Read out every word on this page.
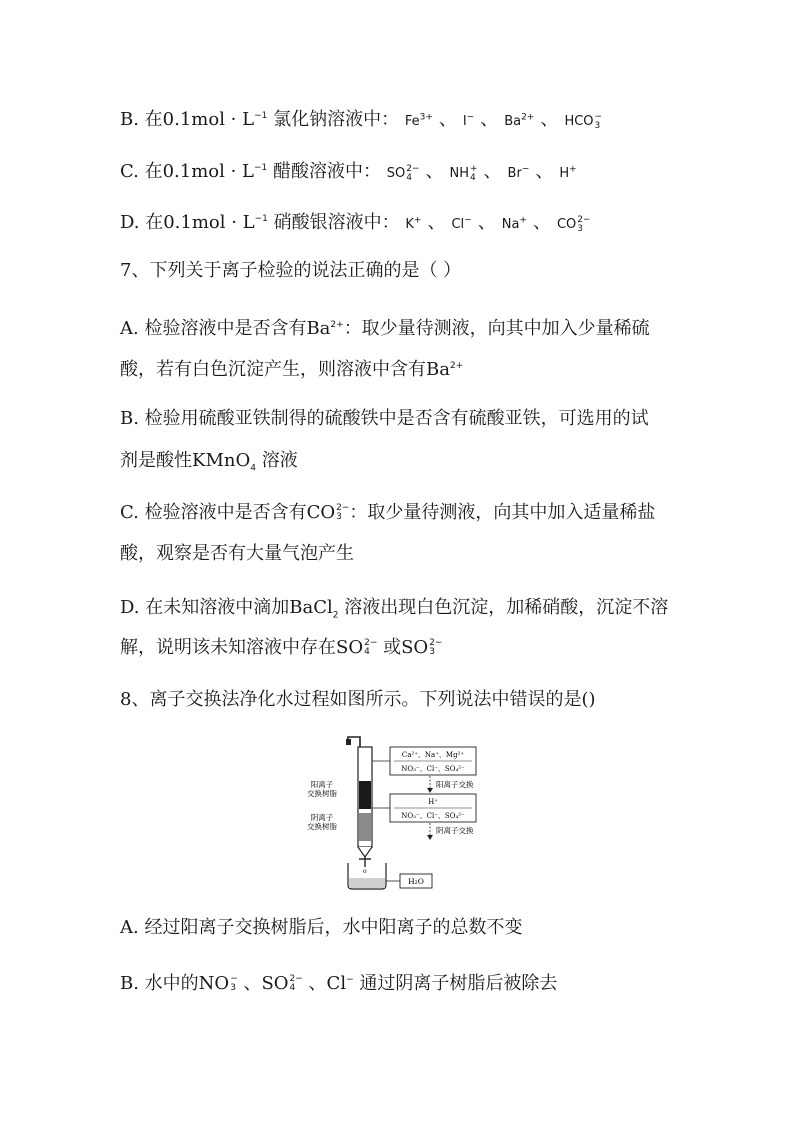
B. 在$0.1mol \cdot L^{-1}$ 氯化钠溶液中： $Fe^{3+}$ 、 I− 、 $Ba^{2+}$ 、 HCO −
3
C. 在$0.1mol \cdot L^{-1}$ 醋酸溶液中： SO 2−
4 、 NH +
4 、 Br− 、 H+
D. 在$0.1mol \cdot L^{-1}$ 硝酸银溶液中： K+ 、 Cl− 、 Na+ 、 CO 2−
3
7、下列关于离子检验的说法正确的是（ ）
A. 检验溶液中是否含有$Ba^{2+}$：取少量待测液，向其中加入少量稀硫
酸，若有白色沉淀产生，则溶液中含有$Ba^{2+}$
B. 检验用硫酸亚铁制得的硫酸铁中是否含有硫酸亚铁，可选用的试
剂是酸性KMnO$_4$ 溶液
C. 检验溶液中是否含有CO 2−
3 ：取少量待测液，向其中加入适量稀盐
酸，观察是否有大量气泡产生
D. 在未知溶液中滴加BaCl$_2$ 溶液出现白色沉淀，加稀硝酸，沉淀不溶
解，说明该未知溶液中存在SO 2−
4 或SO 2−
3
8、离子交换法净化水过程如图所示。下列说法中错误的是()
o
Ca²⁺、Na⁺、Mg²⁺
NO₃⁻、Cl⁻、SO₄²⁻
阳离子交换
H⁺
NO₃⁻、Cl⁻、SO₄²⁻
阴离子交换
H₂O
阳离子
交换树脂
阴离子
交换树脂
A. 经过阳离子交换树脂后，水中阳离子的总数不变
B. 水中的NO −
3 、SO 2−
4 、Cl− 通过阴离子树脂后被除去
